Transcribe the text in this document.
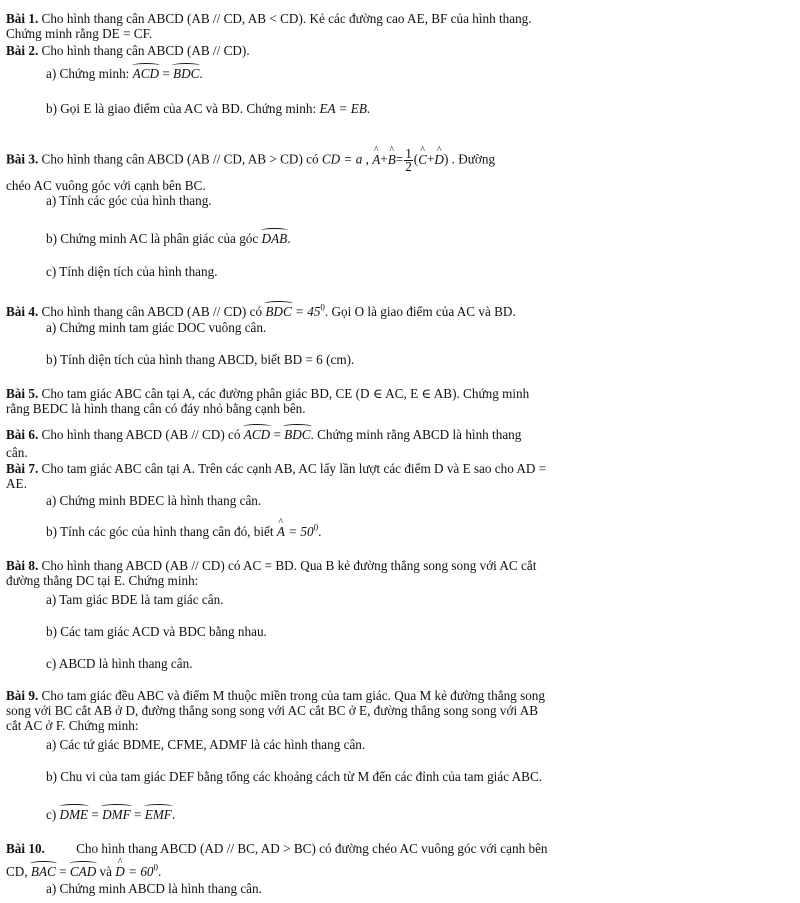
Bài 1. Cho hình thang cân ABCD (AB // CD, AB < CD). Kẻ các đường cao AE, BF của hình thang.
Chứng minh rằng DE = CF.
Bài 2. Cho hình thang cân ABCD (AB // CD).
a) Chứng minh: ACD = BDC.
b) Gọi E là giao điểm của AC và BD. Chứng minh: EA = EB.
Bài 3. Cho hình thang cân ABCD (AB // CD, AB > CD) có CD = a , ^ A+^ $B= \frac{1}{2}$ (^ C+^ D) . Đường
chéo AC vuông góc với cạnh bên BC.
a) Tính các góc của hình thang.
b) Chứng minh AC là phân giác của góc DAB.
c) Tính diện tích của hình thang.
Bài 4. Cho hình thang cân ABCD (AB // CD) có BDC = $45^0$. Gọi O là giao điểm của AC và BD.
a) Chứng minh tam giác DOC vuông cân.
b) Tính diện tích của hình thang ABCD, biết BD = 6 (cm).
Bài 5. Cho tam giác ABC cân tại A, các đường phân giác BD, CE (D ∈ AC, E ∈ AB). Chứng minh
rằng BEDC là hình thang cân có đáy nhỏ bằng cạnh bên.
Bài 6. Cho hình thang ABCD (AB // CD) có ACD = BDC. Chứng minh rằng ABCD là hình thang
cân.
Bài 7. Cho tam giác ABC cân tại A. Trên các cạnh AB, AC lấy lần lượt các điểm D và E sao cho AD =
AE.
a) Chứng minh BDEC là hình thang cân.
b) Tính các góc của hình thang cân đó, biết ^ $A = 50^0$.
Bài 8. Cho hình thang ABCD (AB // CD) có AC = BD. Qua B kẻ đường thẳng song song với AC cắt
đường thẳng DC tại E. Chứng minh:
a) Tam giác BDE là tam giác cân.
b) Các tam giác ACD và BDC bằng nhau.
c) ABCD là hình thang cân.
Bài 9. Cho tam giác đều ABC và điểm M thuộc miền trong của tam giác. Qua M kẻ đường thẳng song
song với BC cắt AB ở D, đường thẳng song song với AC cắt BC ở E, đường thẳng song song với AB
cắt AC ở F. Chứng minh:
a) Các tứ giác BDME, CFME, ADMF là các hình thang cân.
b) Chu vi của tam giác DEF bằng tổng các khoảng cách từ M đến các đỉnh của tam giác ABC.
c) DME = DMF = EMF.
Bài 10. Cho hình thang ABCD (AD // BC, AD > BC) có đường chéo AC vuông góc với cạnh bên
CD, BAC = CAD và ^ $D = 60^0$.
a) Chứng minh ABCD là hình thang cân.
